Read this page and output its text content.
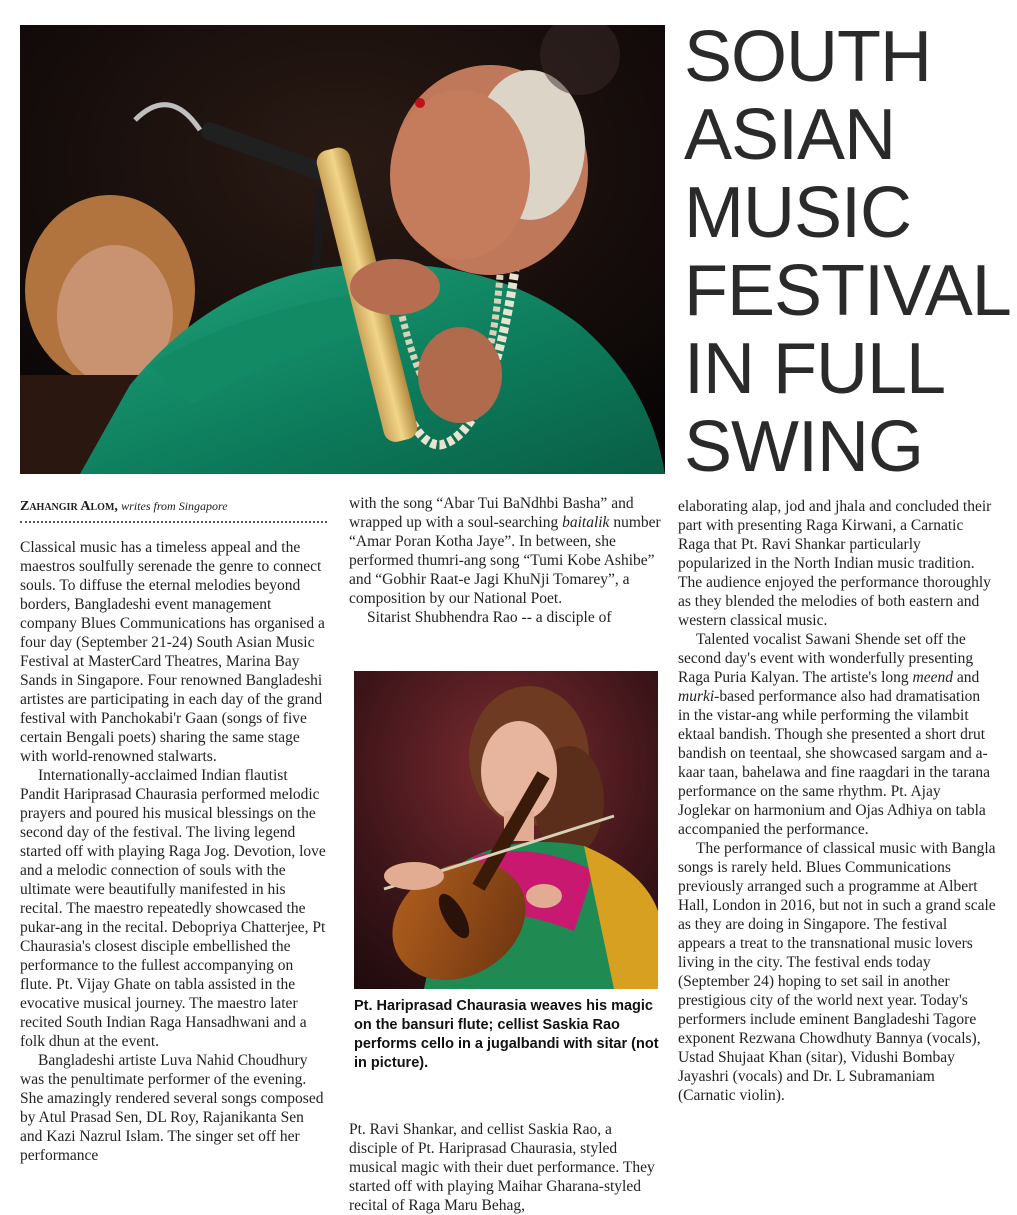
SOUTH
ASIAN
MUSIC
FESTIVAL
IN FULL
SWING
Zahangir Alom, writes from Singapore

Classical music has a timeless appeal and the maestros soulfully serenade the genre to connect souls. To diffuse the eternal melodies beyond borders, Bangladeshi event management company Blues Communications has organised a four day (September 21-24) South Asian Music Festival at MasterCard Theatres, Marina Bay Sands in Singapore. Four renowned Bangladeshi artistes are participating in each day of the grand festival with Panchokabi'r Gaan (songs of five certain Bengali poets) sharing the same stage with world-renowned stalwarts.

Internationally-acclaimed Indian flautist Pandit Hariprasad Chaurasia performed melodic prayers and poured his musical blessings on the second day of the festival. The living legend started off with playing Raga Jog. Devotion, love and a melodic connection of souls with the ultimate were beautifully manifested in his recital. The maestro repeatedly showcased the pukar-ang in the recital. Debopriya Chatterjee, Pt Chaurasia's closest disciple embellished the performance to the fullest accompanying on flute. Pt. Vijay Ghate on tabla assisted in the evocative musical journey. The maestro later recited South Indian Raga Hansadhwani and a folk dhun at the event.

Bangladeshi artiste Luva Nahid Choudhury was the penultimate performer of the evening. She amazingly rendered several songs composed by Atul Prasad Sen, DL Roy, Rajanikanta Sen and Kazi Nazrul Islam. The singer set off her performance

with the song “Abar Tui BaNdhbi Basha” and wrapped up with a soul-searching baitalik number “Amar Poran Kotha Jaye”. In between, she performed thumri-ang song “Tumi Kobe Ashibe” and “Gobhir Raat-e Jagi KhuNji Tomarey”, a composition by our National Poet.

Sitarist Shubhendra Rao -- a disciple of

Pt. Hariprasad Chaurasia weaves his magic on the bansuri flute; cellist Saskia Rao performs cello in a jugalbandi with sitar (not in picture).

Pt. Ravi Shankar, and cellist Saskia Rao, a disciple of Pt. Hariprasad Chaurasia, styled musical magic with their duet performance. They started off with playing Maihar Gharana-styled recital of Raga Maru Behag,

elaborating alap, jod and jhala and concluded their part with presenting Raga Kirwani, a Carnatic Raga that Pt. Ravi Shankar particularly popularized in the North Indian music tradition. The audience enjoyed the performance thoroughly as they blended the melodies of both eastern and western classical music.

Talented vocalist Sawani Shende set off the second day's event with wonderfully presenting Raga Puria Kalyan. The artiste's long meend and murki-based performance also had dramatisation in the vistar-ang while performing the vilambit ektaal bandish. Though she presented a short drut bandish on teentaal, she showcased sargam and a-kaar taan, bahelawa and fine raagdari in the tarana performance on the same rhythm. Pt. Ajay Joglekar on harmonium and Ojas Adhiya on tabla accompanied the performance.

The performance of classical music with Bangla songs is rarely held. Blues Communications previously arranged such a programme at Albert Hall, London in 2016, but not in such a grand scale as they are doing in Singapore. The festival appears a treat to the transnational music lovers living in the city. The festival ends today (September 24) hoping to set sail in another prestigious city of the world next year. Today's performers include eminent Bangladeshi Tagore exponent Rezwana Chowdhuty Bannya (vocals), Ustad Shujaat Khan (sitar), Vidushi Bombay Jayashri (vocals) and Dr. L Subramaniam (Carnatic violin).
